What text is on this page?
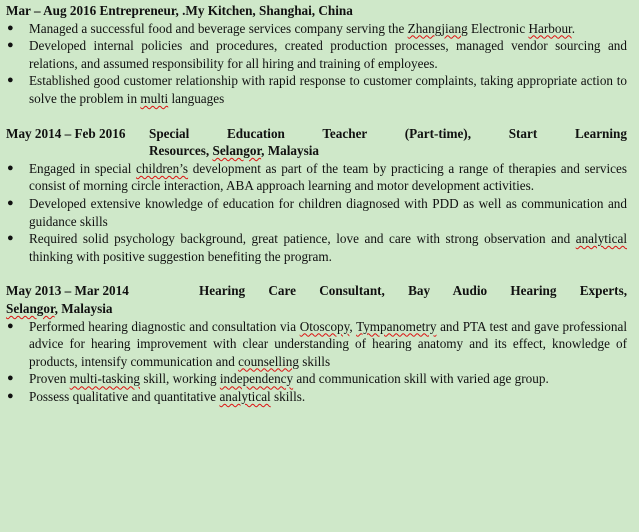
Mar – Aug 2016 Entrepreneur, .My Kitchen, Shanghai, China

● Managed a successful food and beverage services company serving the Zhangjiang Electronic Harbour.
● Developed internal policies and procedures, created production processes, managed vendor sourcing and relations, and assumed responsibility for all hiring and training of employees.
● Established good customer relationship with rapid response to customer complaints, taking appropriate action to solve the problem in multi languages
May 2014 – Feb 2016	Special Education Teacher (Part-time), Start Learning
Resources, Selangor, Malaysia
● Engaged in special children’s development as part of the team by practicing a range of therapies and services consist of morning circle interaction, ABA approach learning and motor development activities.
● Developed extensive knowledge of education for children diagnosed with PDD as well as communication and guidance skills
● Required solid psychology background, great patience, love and care with strong observation and analytical thinking with positive suggestion benefiting the program.
May 2013 – Mar 2014	Hearing Care Consultant, Bay Audio Hearing Experts,
Selangor, Malaysia
● Performed hearing diagnostic and consultation via Otoscopy, Tympanometry and PTA test and gave professional advice for hearing improvement with clear understanding of hearing anatomy and its effect, knowledge of products, intensify communication and counselling skills
● Proven multi-tasking skill, working independency and communication skill with varied age group.
● Possess qualitative and quantitative analytical skills.
